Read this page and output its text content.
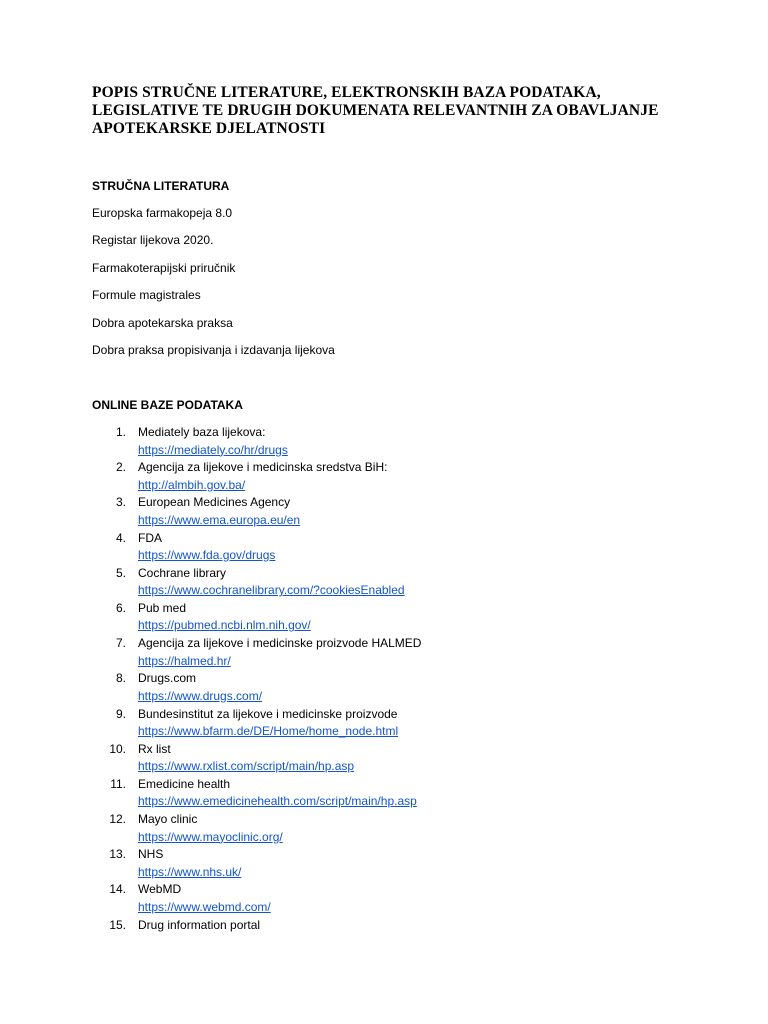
POPIS STRUČNE LITERATURE, ELEKTRONSKIH BAZA PODATAKA,
LEGISLATIVE TE DRUGIH DOKUMENATA RELEVANTNIH ZA OBAVLJANJE
APOTEKARSKE DJELATNOSTI
STRUČNA LITERATURA
Europska farmakopeja 8.0
Registar lijekova 2020.
Farmakoterapijski priručnik
Formule magistrales
Dobra apotekarska praksa
Dobra praksa propisivanja i izdavanja lijekova
ONLINE BAZE PODATAKA
1. Mediately baza lijekova:
https://mediately.co/hr/drugs
2. Agencija za lijekove i medicinska sredstva BiH:
http://almbih.gov.ba/
3. European Medicines Agency
https://www.ema.europa.eu/en
4. FDA
https://www.fda.gov/drugs
5. Cochrane library
https://www.cochranelibrary.com/?cookiesEnabled
6. Pub med
https://pubmed.ncbi.nlm.nih.gov/
7. Agencija za lijekove i medicinske proizvode HALMED
https://halmed.hr/
8. Drugs.com
https://www.drugs.com/
9. Bundesinstitut za lijekove i medicinske proizvode
https://www.bfarm.de/DE/Home/home_node.html
10. Rx list
https://www.rxlist.com/script/main/hp.asp
11. Emedicine health
https://www.emedicinehealth.com/script/main/hp.asp
12. Mayo clinic
https://www.mayoclinic.org/
13. NHS
https://www.nhs.uk/
14. WebMD
https://www.webmd.com/
15. Drug information portal
